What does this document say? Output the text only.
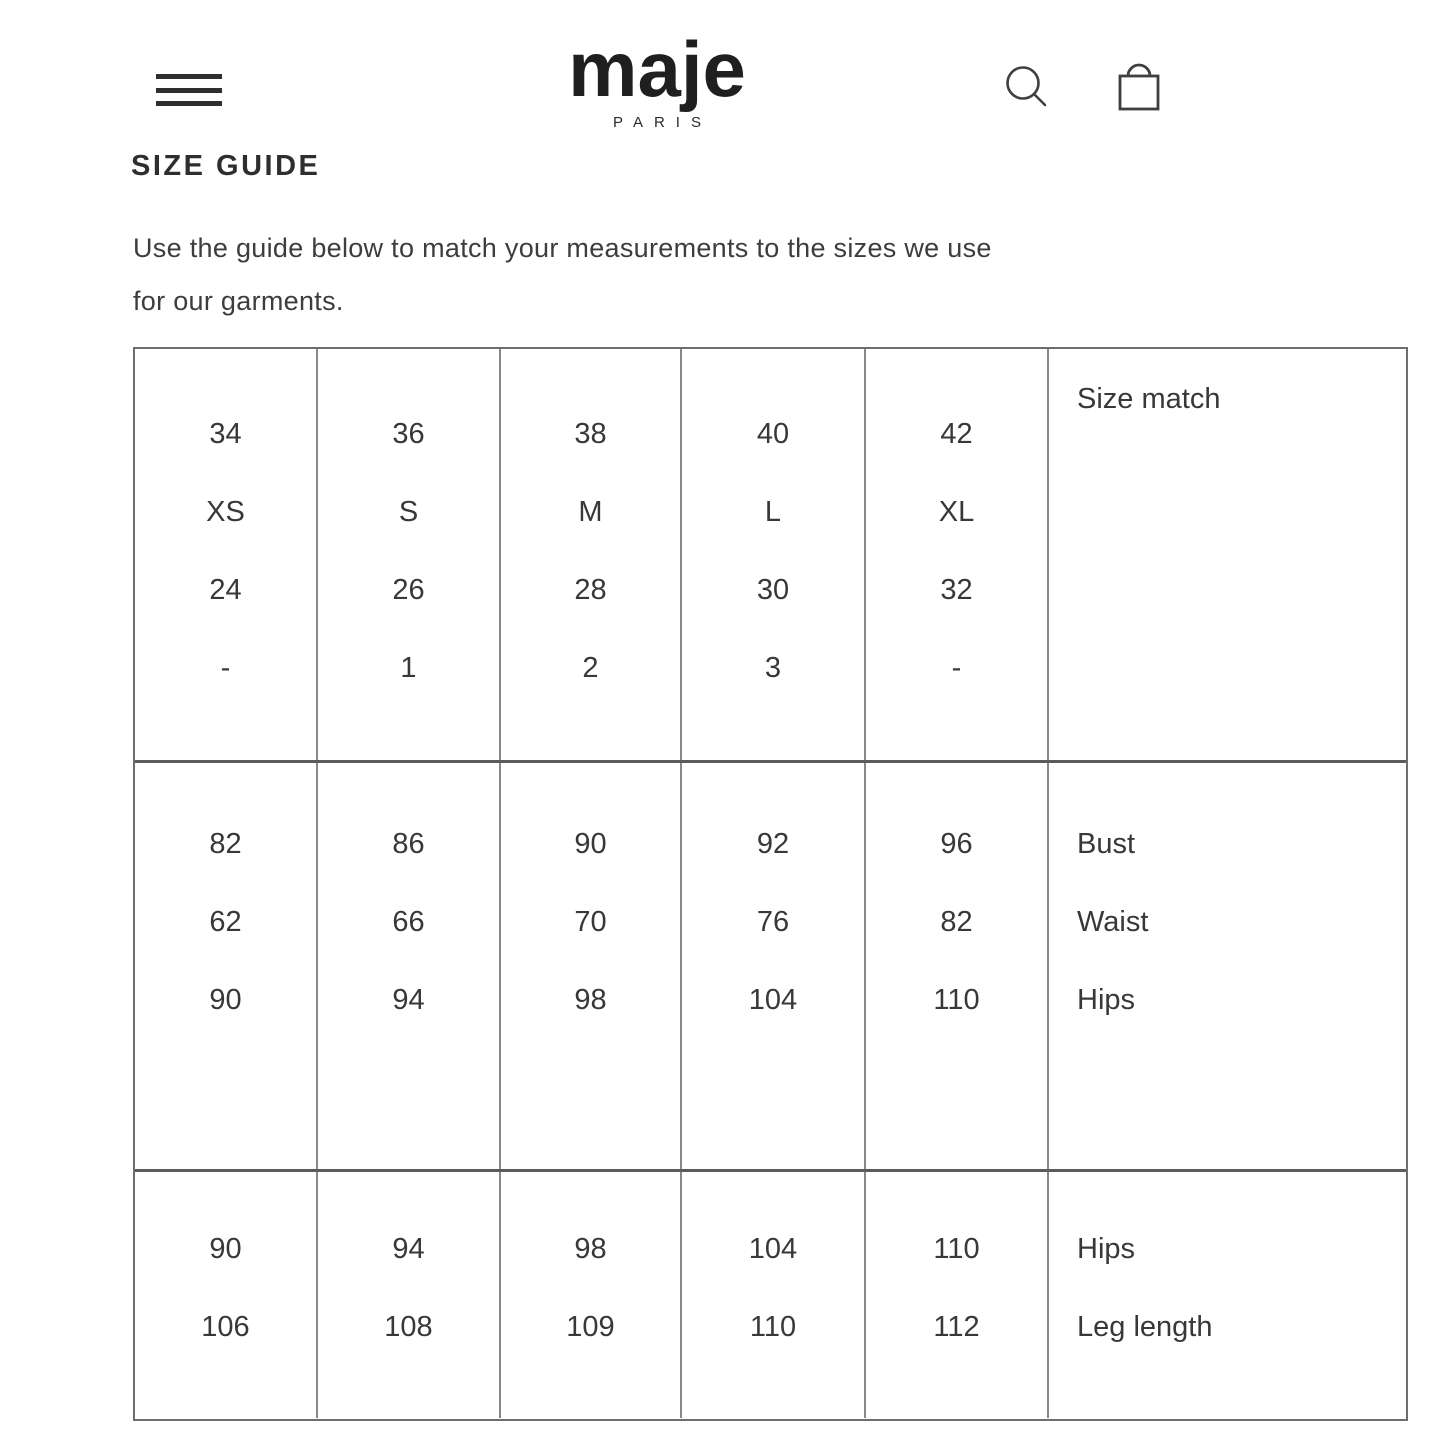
maje
PARIS
SIZE GUIDE

Use the guide below to match your measurements to the sizes we use
for our garments.

34
XS
24
-
36
S
26
1
38
M
28
2
40
L
30
3
42
XL
32
-
Size match
82
62
90
86
66
94
90
70
98
92
76
104
96
82
110
Bust
Waist
Hips
90
106
94
108
98
109
104
110
110
112
Hips
Leg length
